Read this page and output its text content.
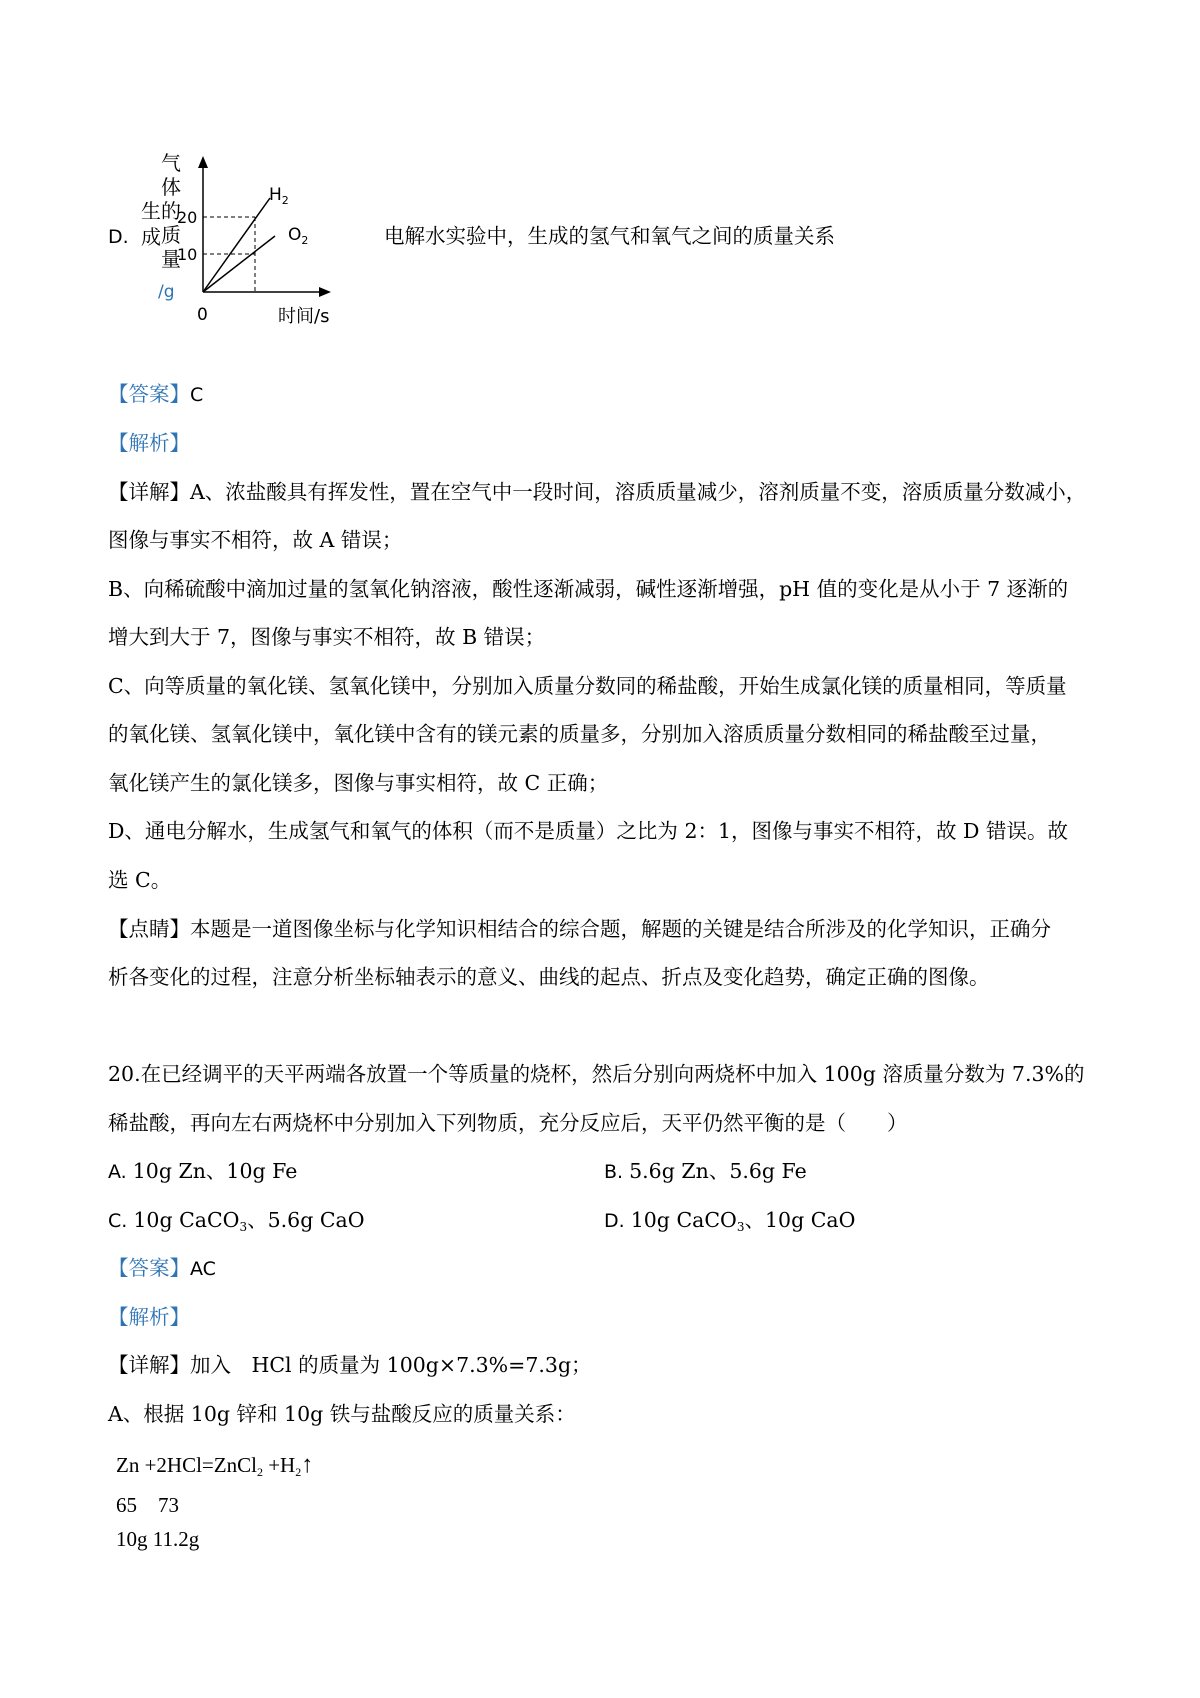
D.
生
成
气
体
的
质
量
/g
20
10
0	时间/s
$H_2$
$O_2$	电解水实验中，生成的氢气和氧气之间的质量关系
【答案】C
【解析】
【详解】A、浓盐酸具有挥发性，置在空气中一段时间，溶质质量减少，溶剂质量不变，溶质质量分数减小，
图像与事实不相符，故 A 错误；
B、向稀硫酸中滴加过量的氢氧化钠溶液，酸性逐渐减弱，碱性逐渐增强，pH 值的变化是从小于 7 逐渐的
增大到大于 7，图像与事实不相符，故 B 错误；
C、向等质量的氧化镁、氢氧化镁中，分别加入质量分数同的稀盐酸，开始生成氯化镁的质量相同，等质量
的氧化镁、氢氧化镁中，氧化镁中含有的镁元素的质量多，分别加入溶质质量分数相同的稀盐酸至过量，
氧化镁产生的氯化镁多，图像与事实相符，故 C 正确；
D、通电分解水，生成氢气和氧气的体积（而不是质量）之比为 2：1，图像与事实不相符，故 D 错误。故
选 C。
【点睛】本题是一道图像坐标与化学知识相结合的综合题，解题的关键是结合所涉及的化学知识，正确分
析各变化的过程，注意分析坐标轴表示的意义、曲线的起点、折点及变化趋势，确定正确的图像。
20.在已经调平的天平两端各放置一个等质量的烧杯，然后分别向两烧杯中加入 100g 溶质量分数为 7.3%的
稀盐酸，再向左右两烧杯中分别加入下列物质，充分反应后，天平仍然平衡的是（　　）
A. 10g Zn、10g Fe	B. 5.6g Zn、5.6g Fe
C. 10g CaCO$_3$、5.6g CaO	D. 10g CaCO$_3$、10g CaO
【答案】AC
【解析】
【详解】加入　HCl 的质量为 100g×7.3%=7.3g；
A、根据 10g 锌和 10g 铁与盐酸反应的质量关系：
Zn +2HCl=ZnCl$_2$ $+H_2↑$
65　73
10g 11.2g
